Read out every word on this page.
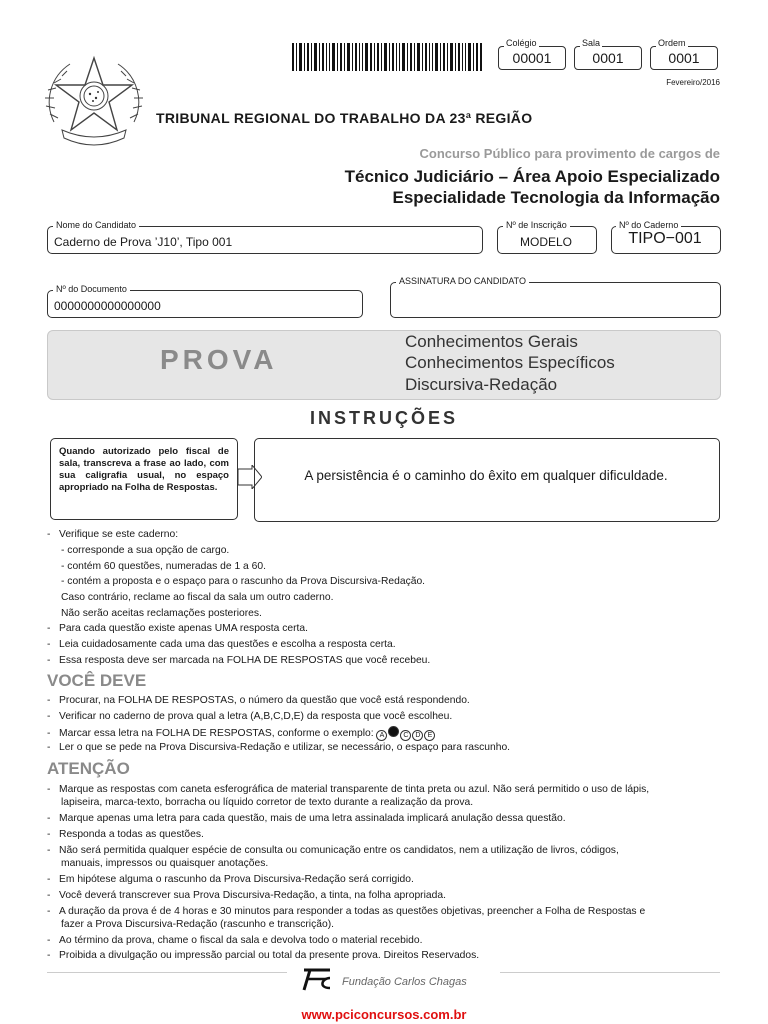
00001
Colégio
0001
Sala
0001
Ordem
Fevereiro/2016
TRIBUNAL REGIONAL DO TRABALHO DA 23ª REGIÃO
Concurso Público para provimento de cargos de
Técnico Judiciário – Área Apoio Especializado
Especialidade Tecnologia da Informação
Nome do Candidato
Caderno de Prova ’J10’, Tipo 001
Nº de Inscrição
MODELO
Nº do Caderno
TIPO−001
Nº do Documento
0000000000000000
ASSINATURA DO CANDIDATO
PROVA
Conhecimentos Gerais
Conhecimentos Específicos
Discursiva-Redação
INSTRUÇÕES
Quando autorizado pelo fiscal de sala, transcreva a frase ao lado, com sua caligrafia usual, no espaço apropriado na Folha de Respostas.
A persistência é o caminho do êxito em qualquer dificuldade.
-   Verifique se este caderno:
- corresponde a sua opção de cargo.
- contém 60 questões, numeradas de 1 a 60.
- contém a proposta e o espaço para o rascunho da Prova Discursiva-Redação.
Caso contrário, reclame ao fiscal da sala um outro caderno.
Não serão aceitas reclamações posteriores.
-   Para cada questão existe apenas UMA resposta certa.
-   Leia cuidadosamente cada uma das questões e escolha a resposta certa.
-   Essa resposta deve ser marcada na FOLHA DE RESPOSTAS que você recebeu.
VOCÊ DEVE
-   Procurar, na FOLHA DE RESPOSTAS, o número da questão que você está respondendo.
-   Verificar no caderno de prova qual a letra (A,B,C,D,E) da resposta que você escolheu.
-   Marcar essa letra na FOLHA DE RESPOSTAS, conforme o exemplo: A	C D E
-   Ler o que se pede na Prova Discursiva-Redação e utilizar, se necessário, o espaço para rascunho.
ATENÇÃO
-   Marque as respostas com caneta esferográfica de material transparente de tinta preta ou azul. Não será permitido o uso de lápis,
lapiseira, marca-texto, borracha ou líquido corretor de texto durante a realização da prova.
-   Marque apenas uma letra para cada questão, mais de uma letra assinalada implicará anulação dessa questão.
-   Responda a todas as questões.
-   Não será permitida qualquer espécie de consulta ou comunicação entre os candidatos, nem a utilização de livros, códigos,
manuais, impressos ou quaisquer anotações.
-   Em hipótese alguma o rascunho da Prova Discursiva-Redação será corrigido.
-   Você deverá transcrever sua Prova Discursiva-Redação, a tinta, na folha apropriada.
-   A duração da prova é de 4 horas e 30 minutos para responder a todas as questões objetivas, preencher a Folha de Respostas e
fazer a Prova Discursiva-Redação (rascunho e transcrição).
-   Ao término da prova, chame o fiscal da sala e devolva todo o material recebido.
-   Proibida a divulgação ou impressão parcial ou total da presente prova. Direitos Reservados.
Fundação Carlos Chagas
www.pciconcursos.com.br
